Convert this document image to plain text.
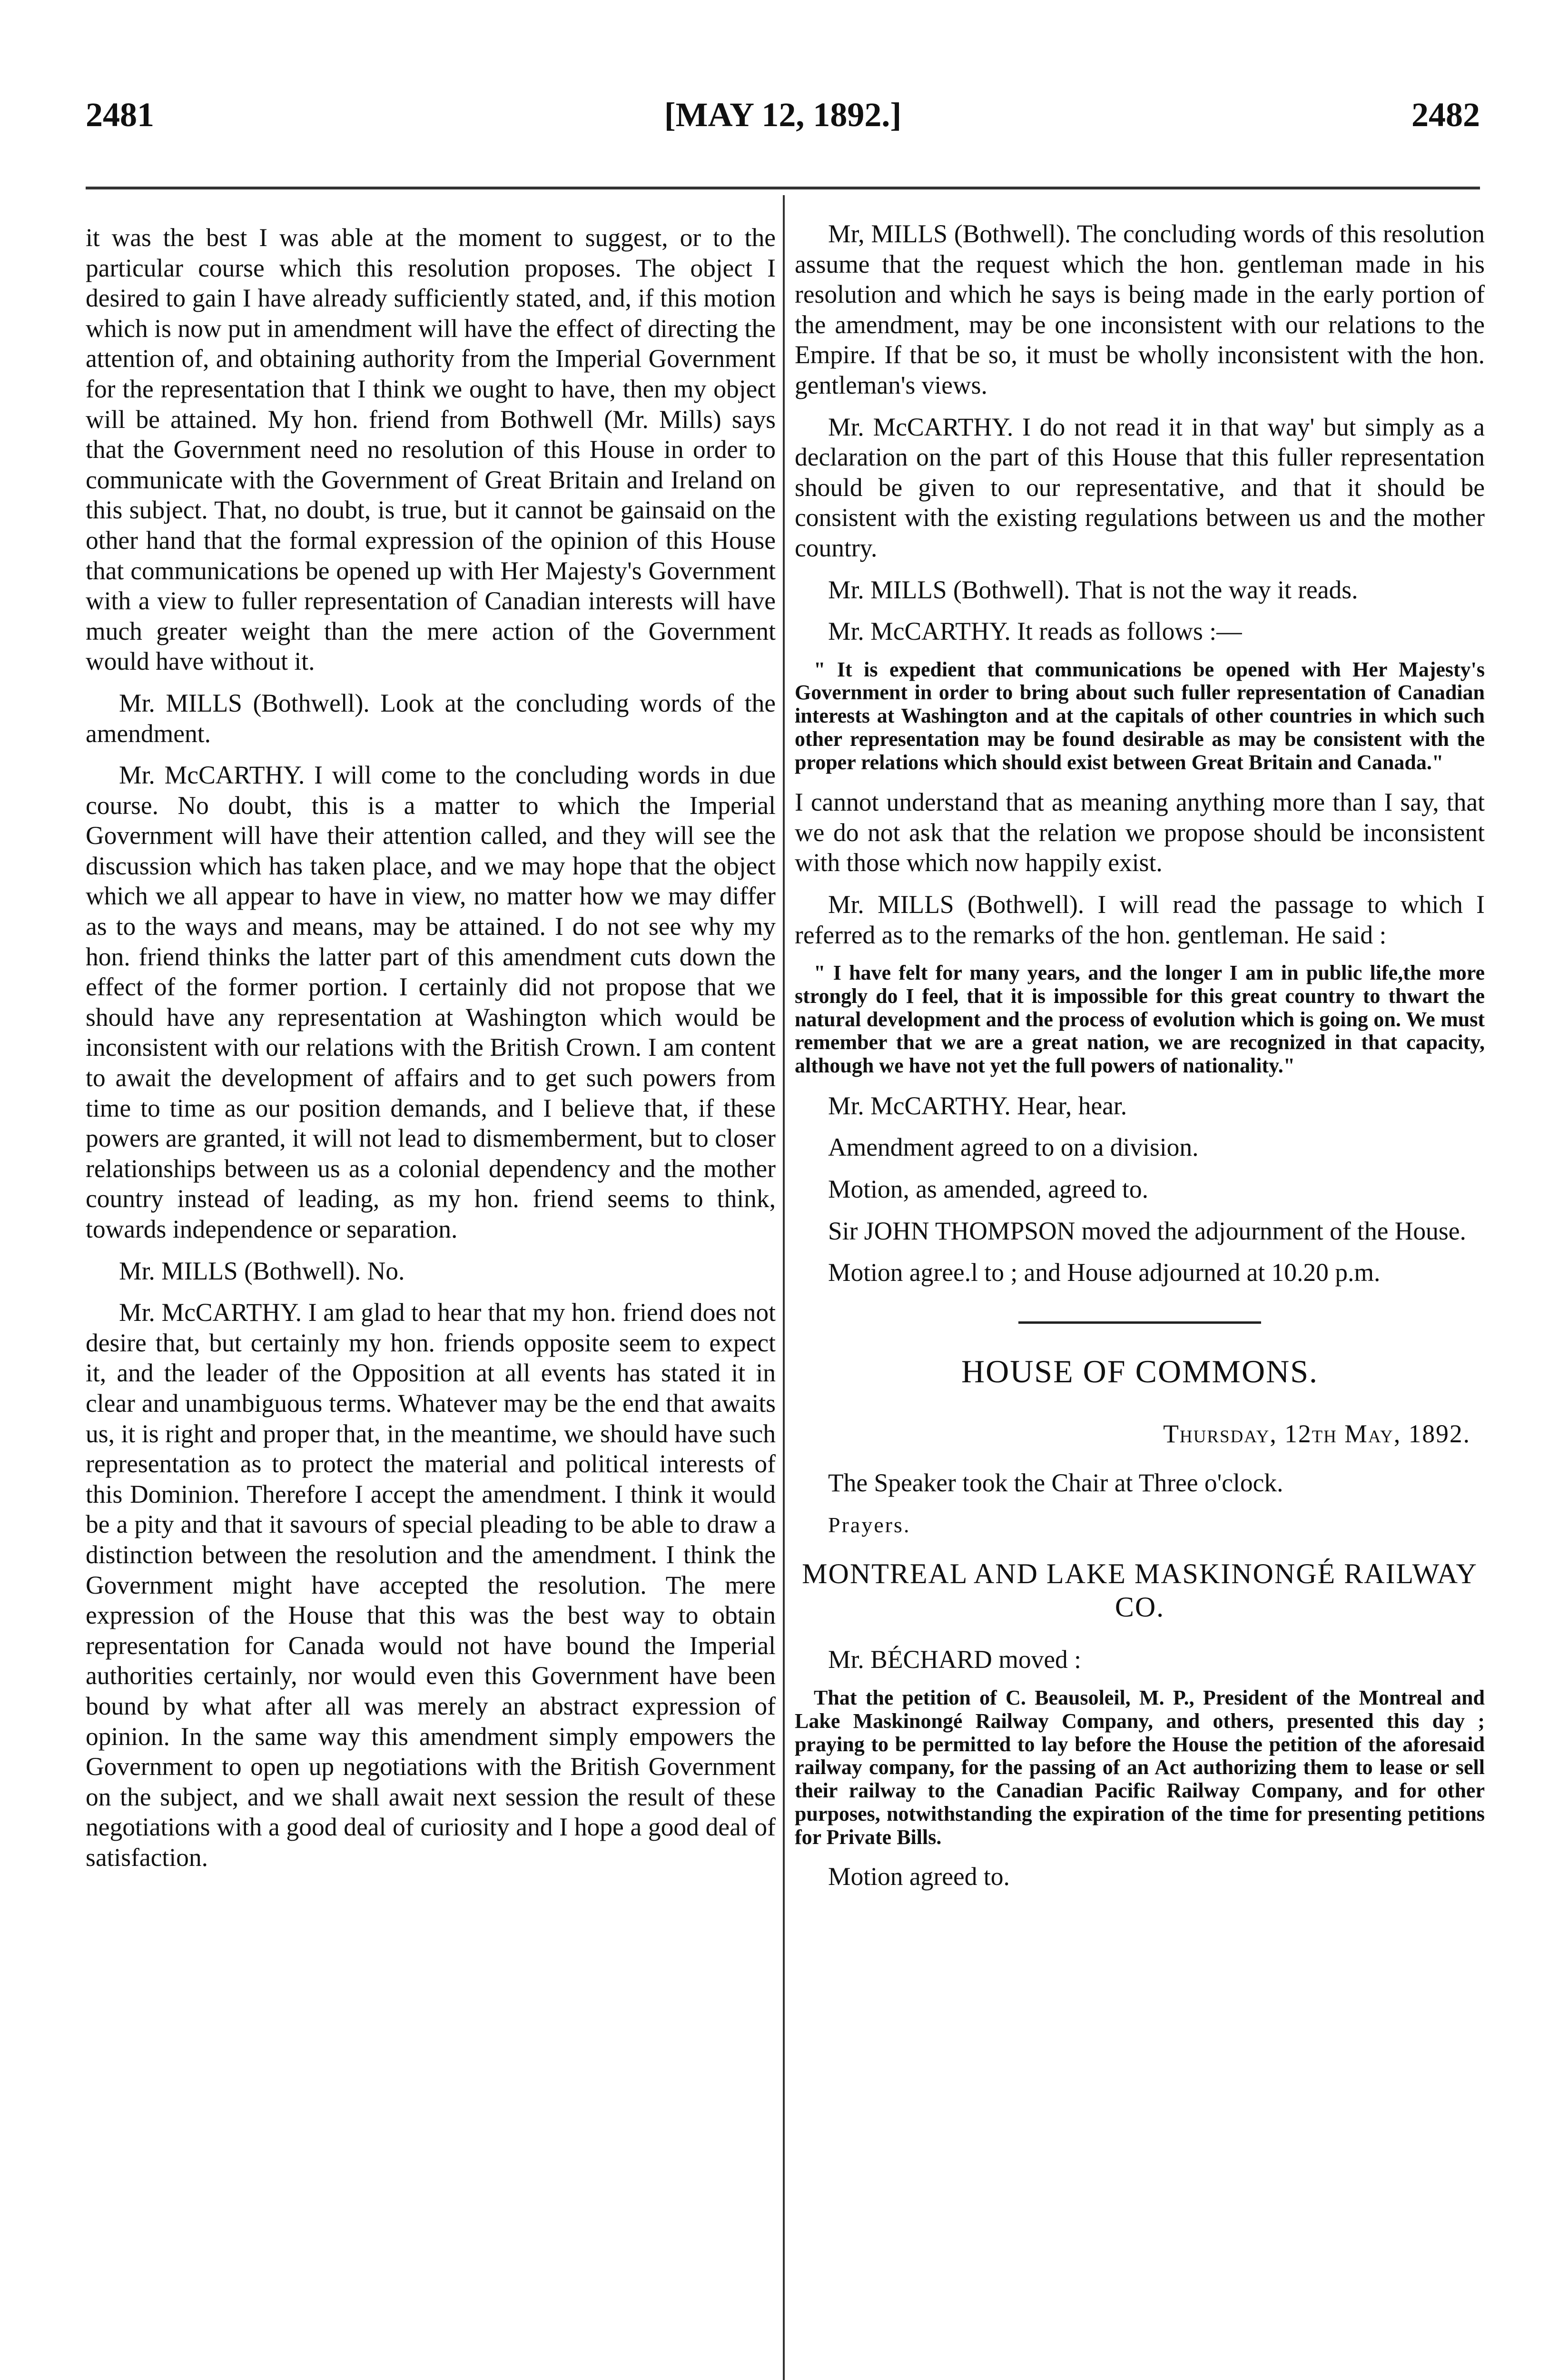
2481	[MAY 12, 1892.]	2482

it was the best I was able at the moment to suggest, or to the particular course which this resolution proposes. The object I desired to gain I have already sufficiently stated, and, if this motion which is now put in amendment will have the effect of directing the attention of, and obtaining authority from the Imperial Government for the representation that I think we ought to have, then my object will be attained. My hon. friend from Bothwell (Mr. Mills) says that the Government need no resolution of this House in order to communicate with the Government of Great Britain and Ireland on this subject. That, no doubt, is true, but it cannot be gainsaid on the other hand that the formal expression of the opinion of this House that communications be opened up with Her Majesty's Government with a view to fuller representation of Canadian interests will have much greater weight than the mere action of the Government would have without it.

Mr. MILLS (Bothwell). Look at the concluding words of the amendment.

Mr. McCARTHY. I will come to the concluding words in due course. No doubt, this is a matter to which the Imperial Government will have their attention called, and they will see the discussion which has taken place, and we may hope that the object which we all appear to have in view, no matter how we may differ as to the ways and means, may be attained. I do not see why my hon. friend thinks the latter part of this amendment cuts down the effect of the former portion. I certainly did not propose that we should have any representation at Washington which would be inconsistent with our relations with the British Crown. I am content to await the development of affairs and to get such powers from time to time as our position demands, and I believe that, if these powers are granted, it will not lead to dismemberment, but to closer relationships between us as a colonial dependency and the mother country instead of leading, as my hon. friend seems to think, towards independence or separation.

Mr. MILLS (Bothwell). No.

Mr. McCARTHY. I am glad to hear that my hon. friend does not desire that, but certainly my hon. friends opposite seem to expect it, and the leader of the Opposition at all events has stated it in clear and unambiguous terms. Whatever may be the end that awaits us, it is right and proper that, in the meantime, we should have such representation as to protect the material and political interests of this Dominion. Therefore I accept the amendment. I think it would be a pity and that it savours of special pleading to be able to draw a distinction between the resolution and the amendment. I think the Government might have accepted the resolution. The mere expression of the House that this was the best way to obtain representation for Canada would not have bound the Imperial authorities certainly, nor would even this Government have been bound by what after all was merely an abstract expression of opinion. In the same way this amendment simply empowers the Government to open up negotiations with the British Government on the subject, and we shall await next session the result of these negotiations with a good deal of curiosity and I hope a good deal of satisfaction.

Mr, MILLS (Bothwell). The concluding words of this resolution assume that the request which the hon. gentleman made in his resolution and which he says is being made in the early portion of the amendment, may be one inconsistent with our relations to the Empire. If that be so, it must be wholly inconsistent with the hon. gentleman's views.

Mr. McCARTHY. I do not read it in that way' but simply as a declaration on the part of this House that this fuller representation should be given to our representative, and that it should be consistent with the existing regulations between us and the mother country.

Mr. MILLS (Bothwell). That is not the way it reads.

Mr. McCARTHY. It reads as follows :—

" It is expedient that communications be opened with Her Majesty's Government in order to bring about such fuller representation of Canadian interests at Washington and at the capitals of other countries in which such other representation may be found desirable as may be consistent with the proper relations which should exist between Great Britain and Canada."

I cannot understand that as meaning anything more than I say, that we do not ask that the relation we propose should be inconsistent with those which now happily exist.

Mr. MILLS (Bothwell). I will read the passage to which I referred as to the remarks of the hon. gentleman. He said :

" I have felt for many years, and the longer I am in public life,the more strongly do I feel, that it is impossible for this great country to thwart the natural development and the process of evolution which is going on. We must remember that we are a great nation, we are recognized in that capacity, although we have not yet the full powers of nationality."

Mr. McCARTHY. Hear, hear.

Amendment agreed to on a division.

Motion, as amended, agreed to.

Sir JOHN THOMPSON moved the adjournment of the House.

Motion agree.l to ; and House adjourned at 10.20 p.m.

HOUSE OF COMMONS.
Thursday, 12th May, 1892.

The Speaker took the Chair at Three o'clock.

Prayers.
MONTREAL AND LAKE MASKINONGÉ RAILWAY CO.

Mr. BÉCHARD moved :

That the petition of C. Beausoleil, M. P., President of the Montreal and Lake Maskinongé Railway Company, and others, presented this day ; praying to be permitted to lay before the House the petition of the aforesaid railway company, for the passing of an Act authorizing them to lease or sell their railway to the Canadian Pacific Railway Company, and for other purposes, notwithstanding the expiration of the time for presenting petitions for Private Bills.

Motion agreed to.
